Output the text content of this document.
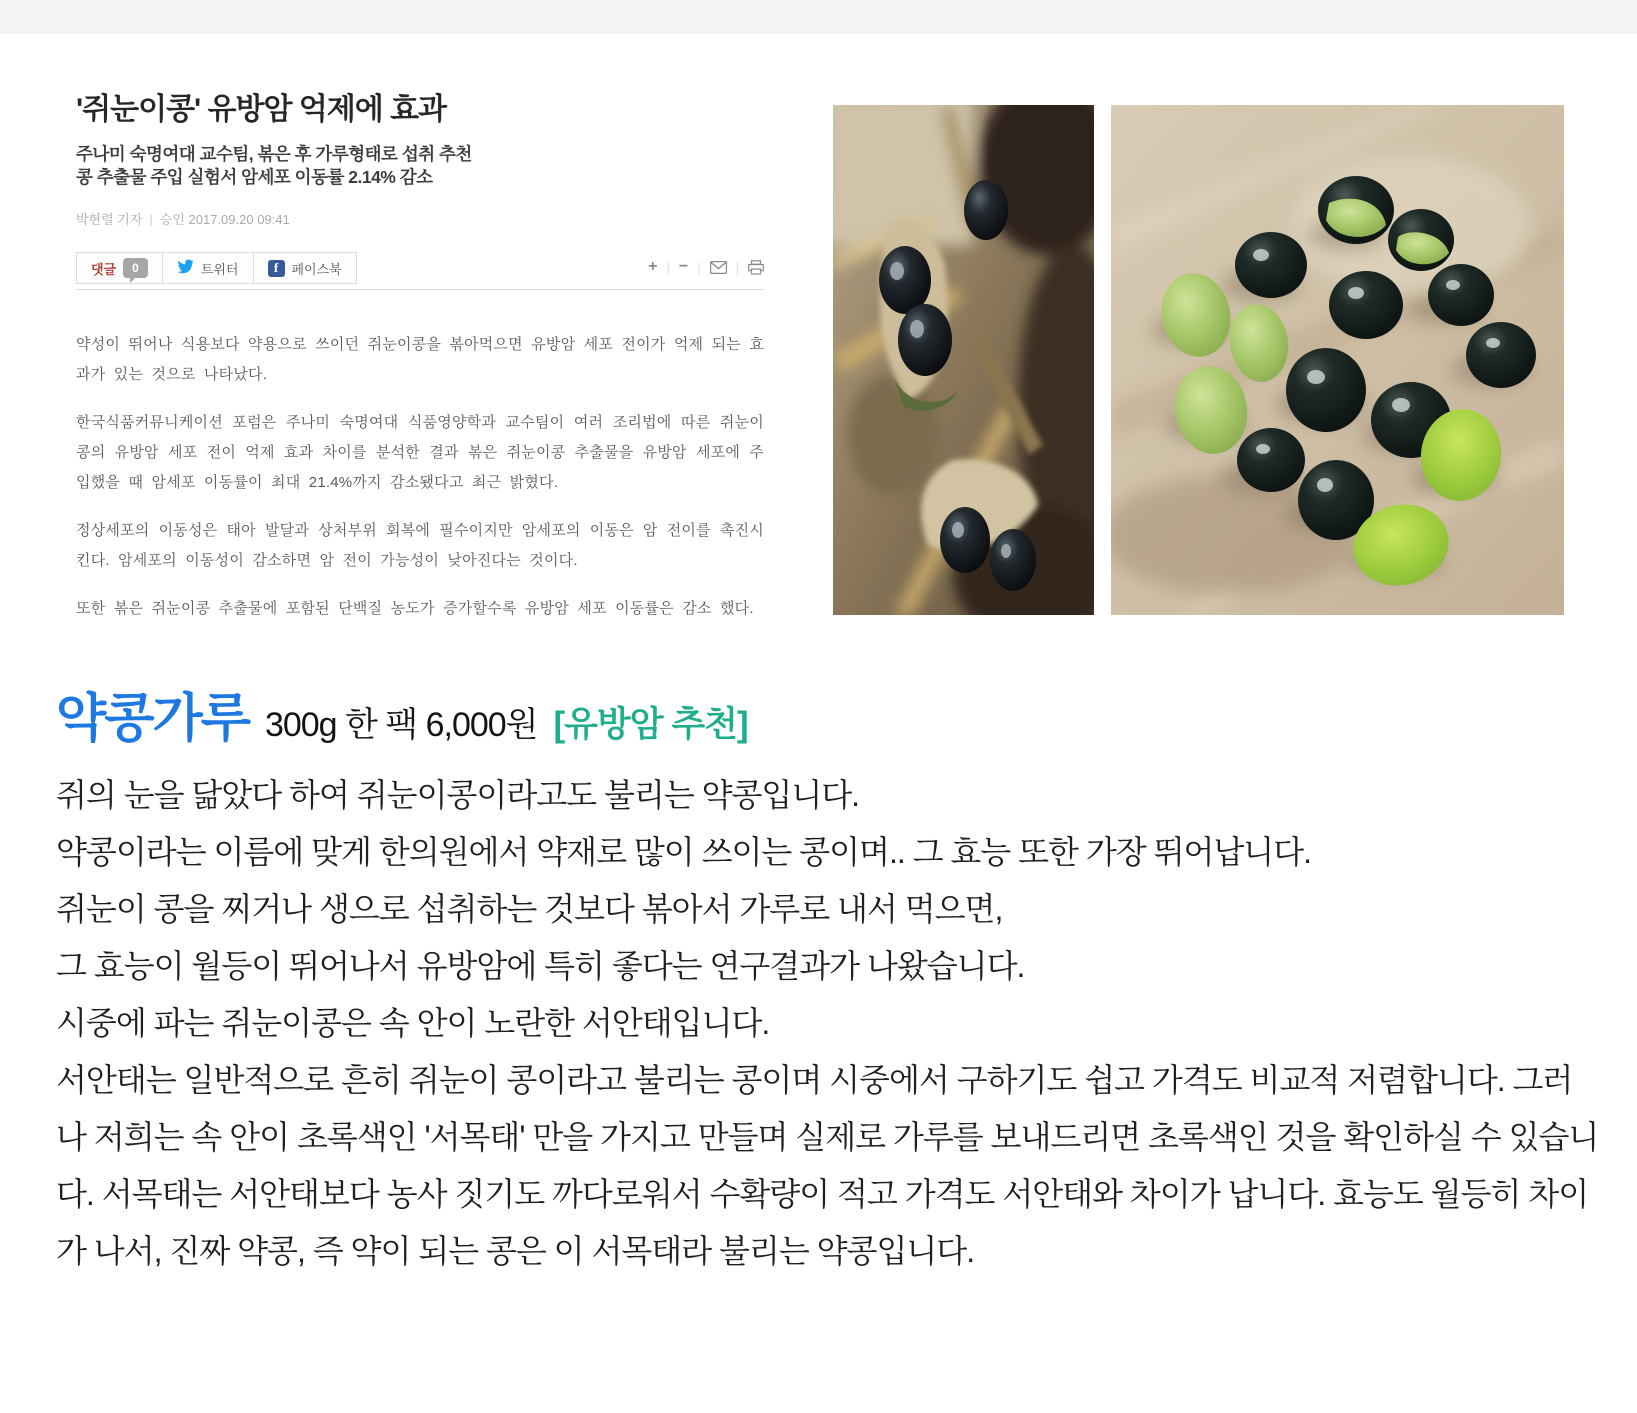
'쥐눈이콩' 유방암 억제에 효과
주나미 숙명여대 교수팀, 볶은 후 가루형태로 섭취 추천
콩 추출물 주입 실험서 암세포 이동률 2.14% 감소
박현렬 기자 | 승인 2017.09.20 09:41
댓글	0	트위터	f	페이스북	+ | − |	|

약성이 뛰어나 식용보다 약용으로 쓰이던 쥐눈이콩을 볶아먹으면 유방암 세포 전이가 억제 되는 효과가 있는 것으로 나타났다.

한국식품커뮤니케이션 포럼은 주나미 숙명여대 식품영양학과 교수팀이 여러 조리법에 따른 쥐눈이콩의 유방암 세포 전이 억제 효과 차이를 분석한 결과 볶은 쥐눈이콩 추출물을 유방암 세포에 주입했을 때 암세포 이동률이 최대 21.4%까지 감소됐다고 최근 밝혔다.

정상세포의 이동성은 태아 발달과 상처부위 회복에 필수이지만 암세포의 이동은 암 전이를 촉진시킨다. 암세포의 이동성이 감소하면 암 전이 가능성이 낮아진다는 것이다.

또한 볶은 쥐눈이콩 추출물에 포함된 단백질 농도가 증가할수록 유방암 세포 이동률은 감소 했다.

약콩가루 300g 한 팩 6,000원 [유방암 추천]
쥐의 눈을 닮았다 하여 쥐눈이콩이라고도 불리는 약콩입니다.
약콩이라는 이름에 맞게 한의원에서 약재로 많이 쓰이는 콩이며.. 그 효능 또한 가장 뛰어납니다.
쥐눈이 콩을 찌거나 생으로 섭취하는 것보다 볶아서 가루로 내서 먹으면,
그 효능이 월등이 뛰어나서 유방암에 특히 좋다는 연구결과가 나왔습니다.
시중에 파는 쥐눈이콩은 속 안이 노란한 서안태입니다.
서안태는 일반적으로 흔히 쥐눈이 콩이라고 불리는 콩이며 시중에서 구하기도 쉽고 가격도 비교적 저렴합니다. 그러나 저희는 속 안이 초록색인 '서목태' 만을 가지고 만들며 실제로 가루를 보내드리면 초록색인 것을 확인하실 수 있습니다. 서목태는 서안태보다 농사 짓기도 까다로워서 수확량이 적고 가격도 서안태와 차이가 납니다. 효능도 월등히 차이가 나서, 진짜 약콩, 즉 약이 되는 콩은 이 서목태라 불리는 약콩입니다.
